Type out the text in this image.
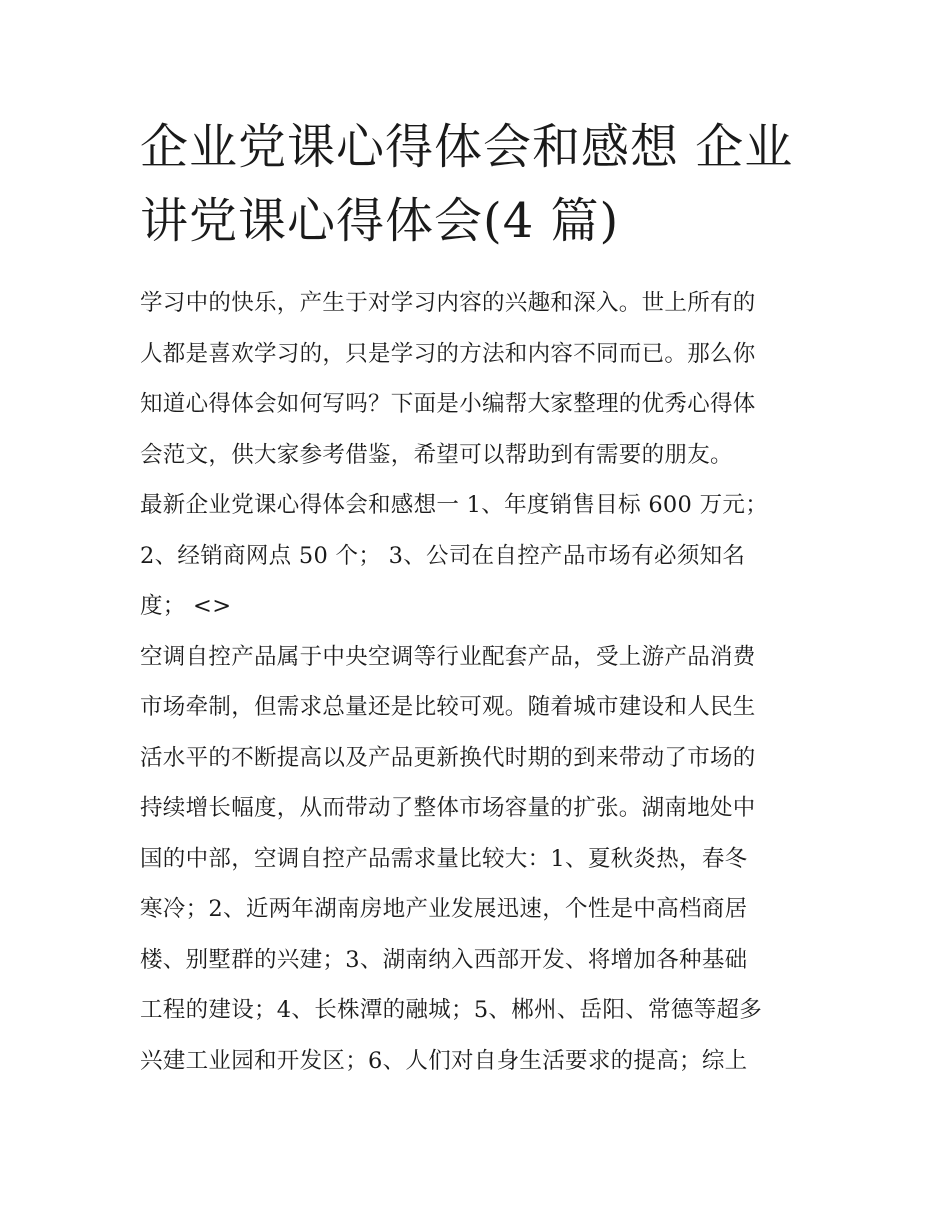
企业党课心得体会和感想 企业
讲党课心得体会(4 篇)
学习中的快乐，产生于对学习内容的兴趣和深入。世上所有的
人都是喜欢学习的，只是学习的方法和内容不同而已。那么你
知道心得体会如何写吗？下面是小编帮大家整理的优秀心得体
会范文，供大家参考借鉴，希望可以帮助到有需要的朋友。
最新企业党课心得体会和感想一 1、年度销售目标 600 万元；
2、经销商网点 50 个； 3、公司在自控产品市场有必须知名
度； <>
空调自控产品属于中央空调等行业配套产品，受上游产品消费
市场牵制，但需求总量还是比较可观。随着城市建设和人民生
活水平的不断提高以及产品更新换代时期的到来带动了市场的
持续增长幅度，从而带动了整体市场容量的扩张。湖南地处中
国的中部，空调自控产品需求量比较大：1、夏秋炎热，春冬
寒冷；2、近两年湖南房地产业发展迅速，个性是中高档商居
楼、别墅群的兴建；3、湖南纳入西部开发、将增加各种基础
工程的建设；4、长株潭的融城；5、郴州、岳阳、常德等超多
兴建工业园和开发区；6、人们对自身生活要求的提高；综上
